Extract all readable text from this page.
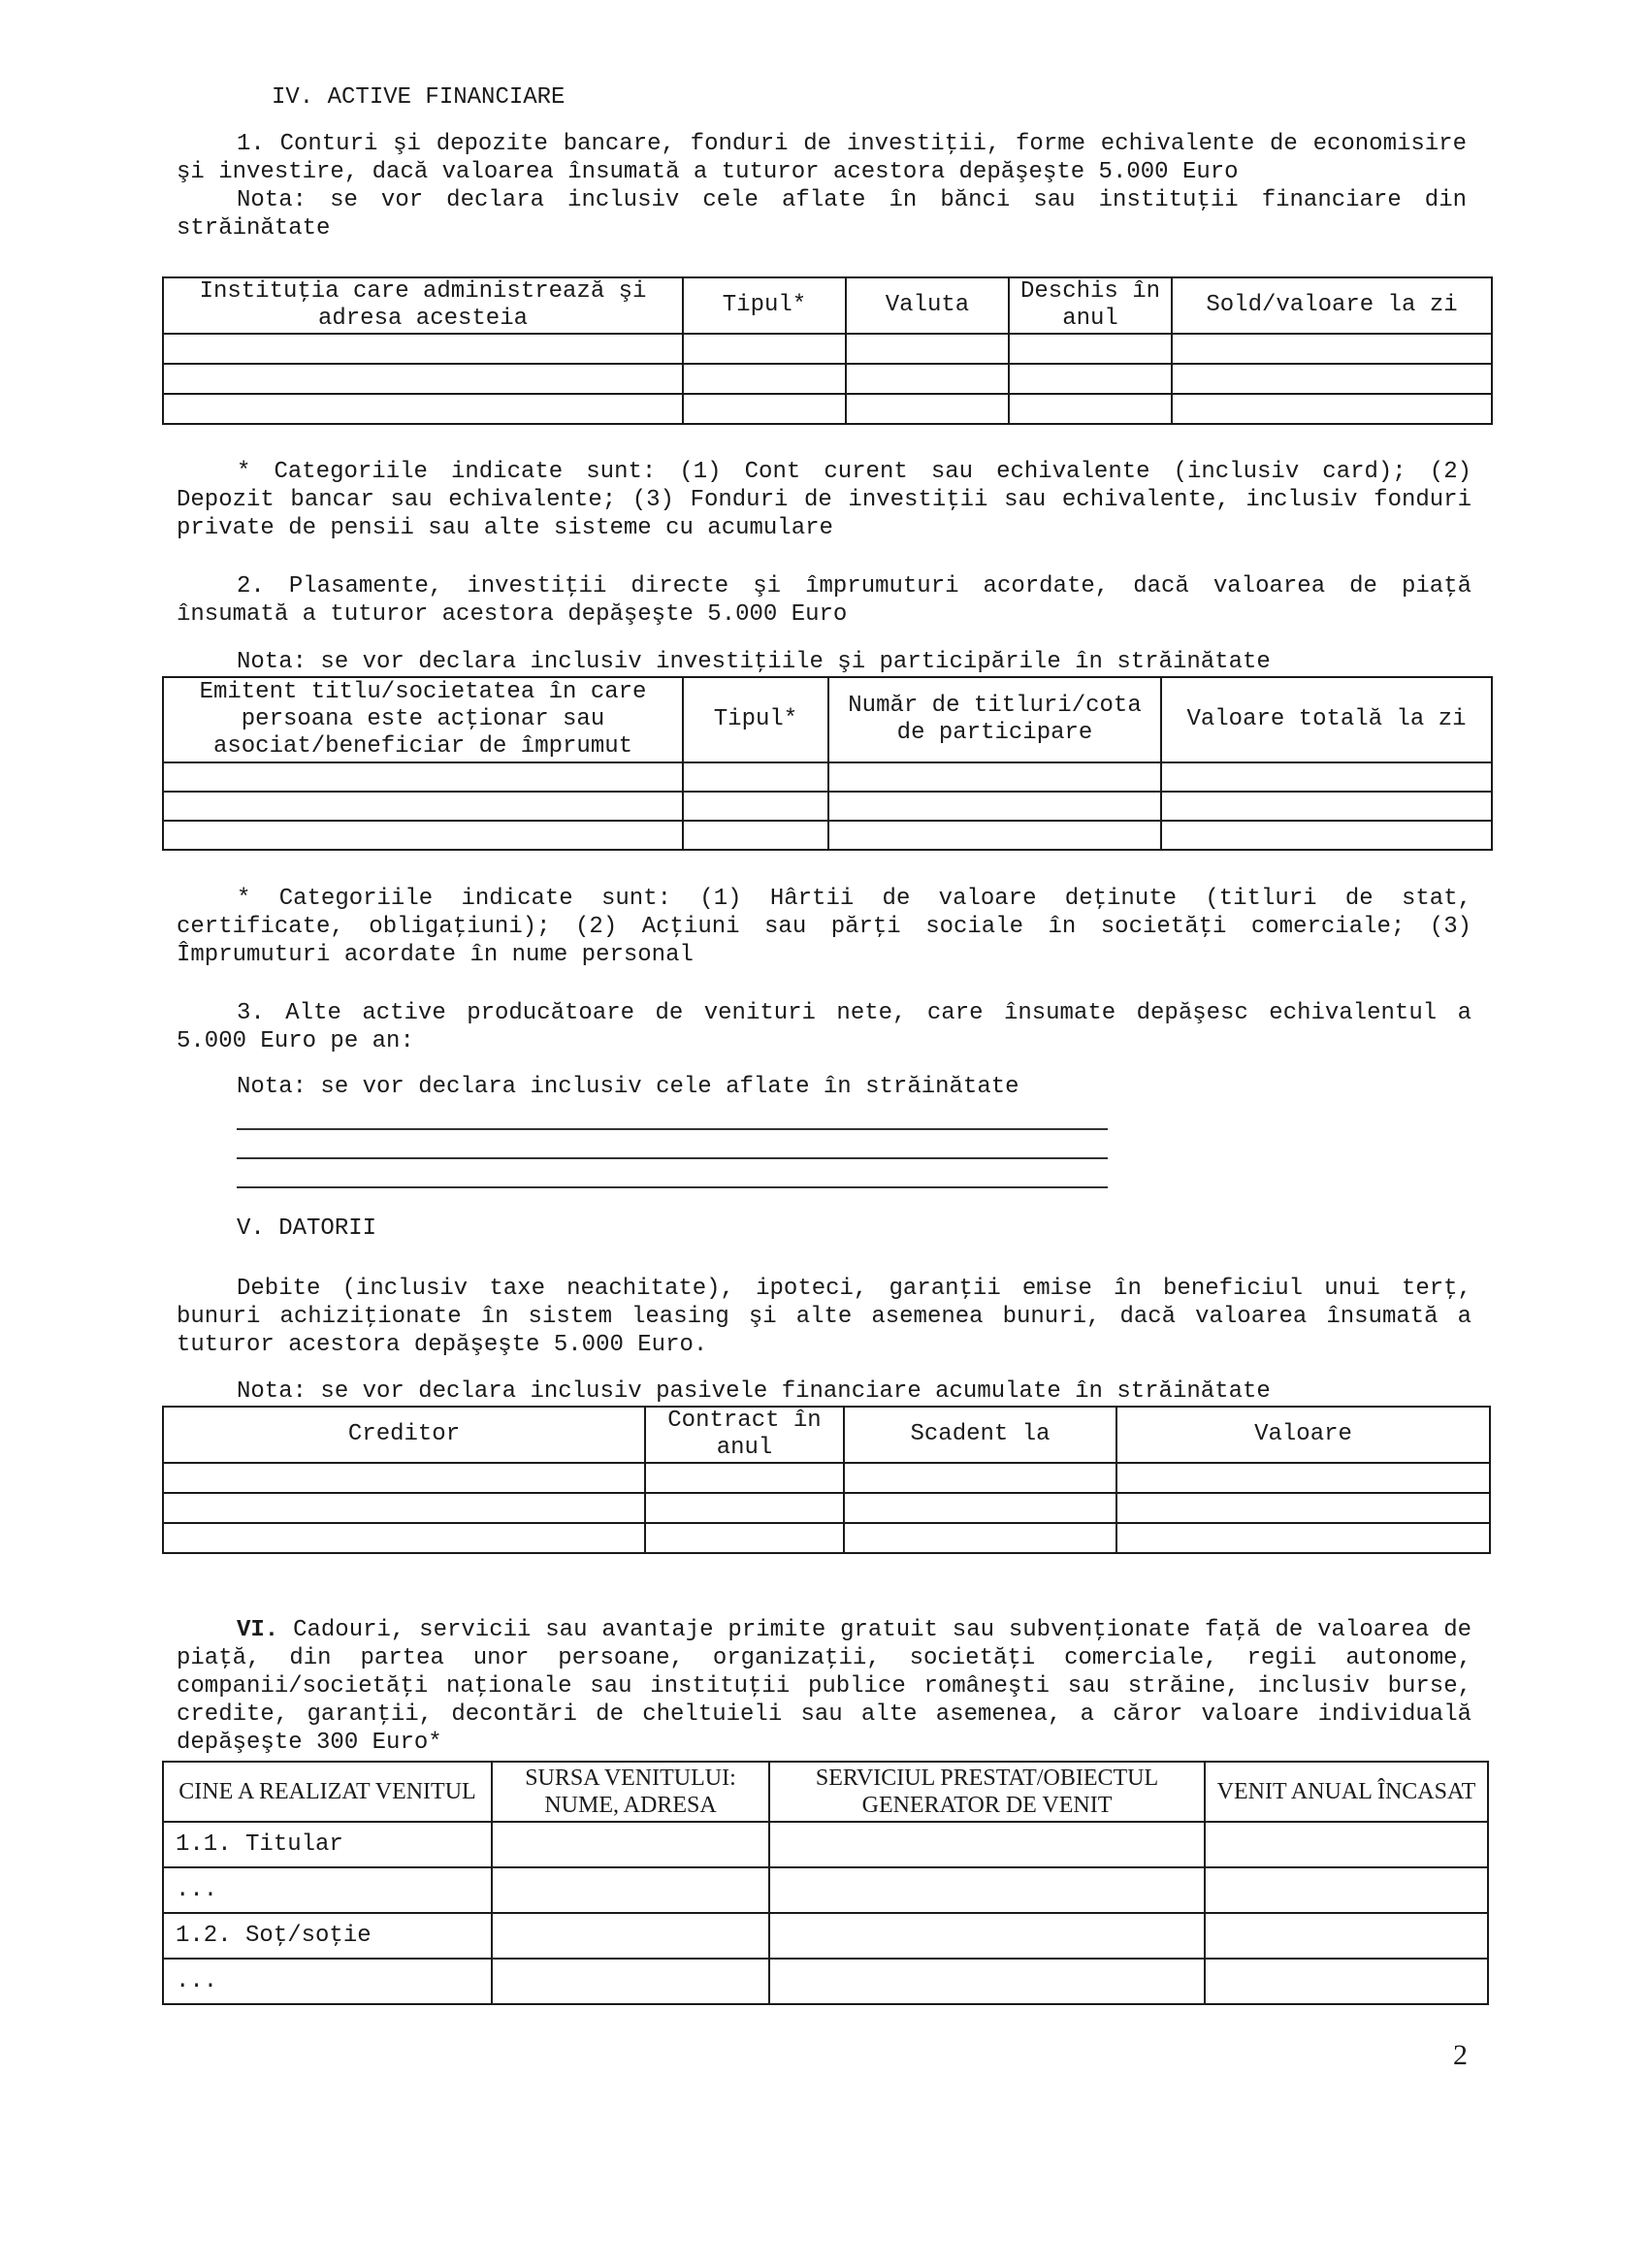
IV. ACTIVE FINANCIARE

1. Conturi şi depozite bancare, fonduri de investiţii, forme echivalente de economisire şi investire, dacă valoarea însumată a tuturor acestora depăşeşte 5.000 Euro

Nota: se vor declara inclusiv cele aflate în bănci sau instituţii financiare din străinătate

Instituţia care administrează şi adresa acesteia	Tipul*	Valuta	Deschis în anul	Sold/valoare la zi

* Categoriile indicate sunt: (1) Cont curent sau echivalente (inclusiv card); (2) Depozit bancar sau echivalente; (3) Fonduri de investiţii sau echivalente, inclusiv fonduri private de pensii sau alte sisteme cu acumulare

2. Plasamente, investiţii directe şi împrumuturi acordate, dacă valoarea de piaţă însumată a tuturor acestora depăşeşte 5.000 Euro

Nota: se vor declara inclusiv investiţiile şi participările în străinătate

Emitent titlu/societatea în care persoana este acţionar sau asociat/beneficiar de împrumut	Tipul*	Număr de titluri/cota de participare	Valoare totală la zi

* Categoriile indicate sunt: (1) Hârtii de valoare deţinute (titluri de stat, certificate, obligaţiuni); (2) Acţiuni sau părţi sociale în societăţi comerciale; (3) Împrumuturi acordate în nume personal

3. Alte active producătoare de venituri nete, care însumate depăşesc echivalentul a 5.000 Euro pe an:

Nota: se vor declara inclusiv cele aflate în străinătate

V. DATORII

Debite (inclusiv taxe neachitate), ipoteci, garanţii emise în beneficiul unui terţ, bunuri achiziţionate în sistem leasing şi alte asemenea bunuri, dacă valoarea însumată a tuturor acestora depăşeşte 5.000 Euro.

Nota: se vor declara inclusiv pasivele financiare acumulate în străinătate

Creditor	Contract în anul	Scadent la	Valoare

VI. Cadouri, servicii sau avantaje primite gratuit sau subvenţionate faţă de valoarea de piaţă, din partea unor persoane, organizaţii, societăţi comerciale, regii autonome, companii/societăţi naţionale sau instituţii publice româneşti sau străine, inclusiv burse, credite, garanţii, decontări de cheltuieli sau alte asemenea, a căror valoare individuală depăşeşte 300 Euro*

CINE A REALIZAT VENITUL	SURSA VENITULUI: NUME, ADRESA	SERVICIUL PRESTAT/OBIECTUL GENERATOR DE VENIT	VENIT ANUAL ÎNCASAT
1.1. Titular			
...			
1.2. Soţ/soţie			
...			
2
